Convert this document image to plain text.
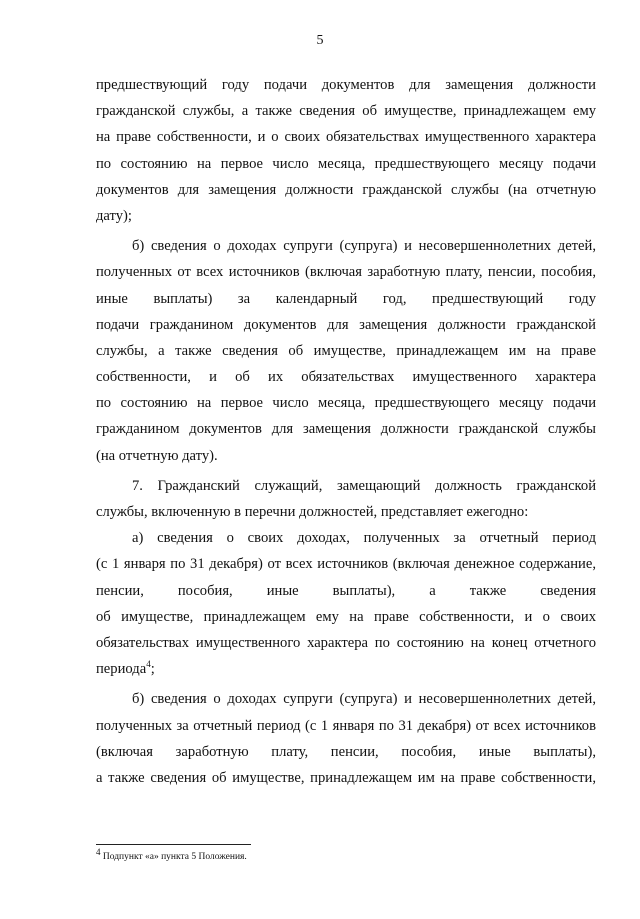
5
предшествующий году подачи документов для замещения должности
гражданской службы, а также сведения об имуществе, принадлежащем ему
на праве собственности, и о своих обязательствах имущественного характера
по состоянию на первое число месяца, предшествующего месяцу подачи
документов для замещения должности гражданской службы (на отчетную
дату);
б) сведения о доходах супруги (супруга) и несовершеннолетних детей,
полученных от всех источников (включая заработную плату, пенсии, пособия,
иные выплаты) за календарный год, предшествующий году
подачи гражданином документов для замещения должности гражданской
службы, а также сведения об имуществе, принадлежащем им на праве
собственности, и об их обязательствах имущественного характера
по состоянию на первое число месяца, предшествующего месяцу подачи
гражданином документов для замещения должности гражданской службы
(на отчетную дату).
7. Гражданский служащий, замещающий должность гражданской
службы, включенную в перечни должностей, представляет ежегодно:
а) сведения о своих доходах, полученных за отчетный период
(с 1 января по 31 декабря) от всех источников (включая денежное содержание,
пенсии, пособия, иные выплаты), а также сведения
об имуществе, принадлежащем ему на праве собственности, и о своих
обязательствах имущественного характера по состоянию на конец отчетного
периода$^4$;
б) сведения о доходах супруги (супруга) и несовершеннолетних детей,
полученных за отчетный период (с 1 января по 31 декабря) от всех источников
(включая заработную плату, пенсии, пособия, иные выплаты),
а также сведения об имуществе, принадлежащем им на праве собственности,
$^4$ Подпункт «а» пункта 5 Положения.
